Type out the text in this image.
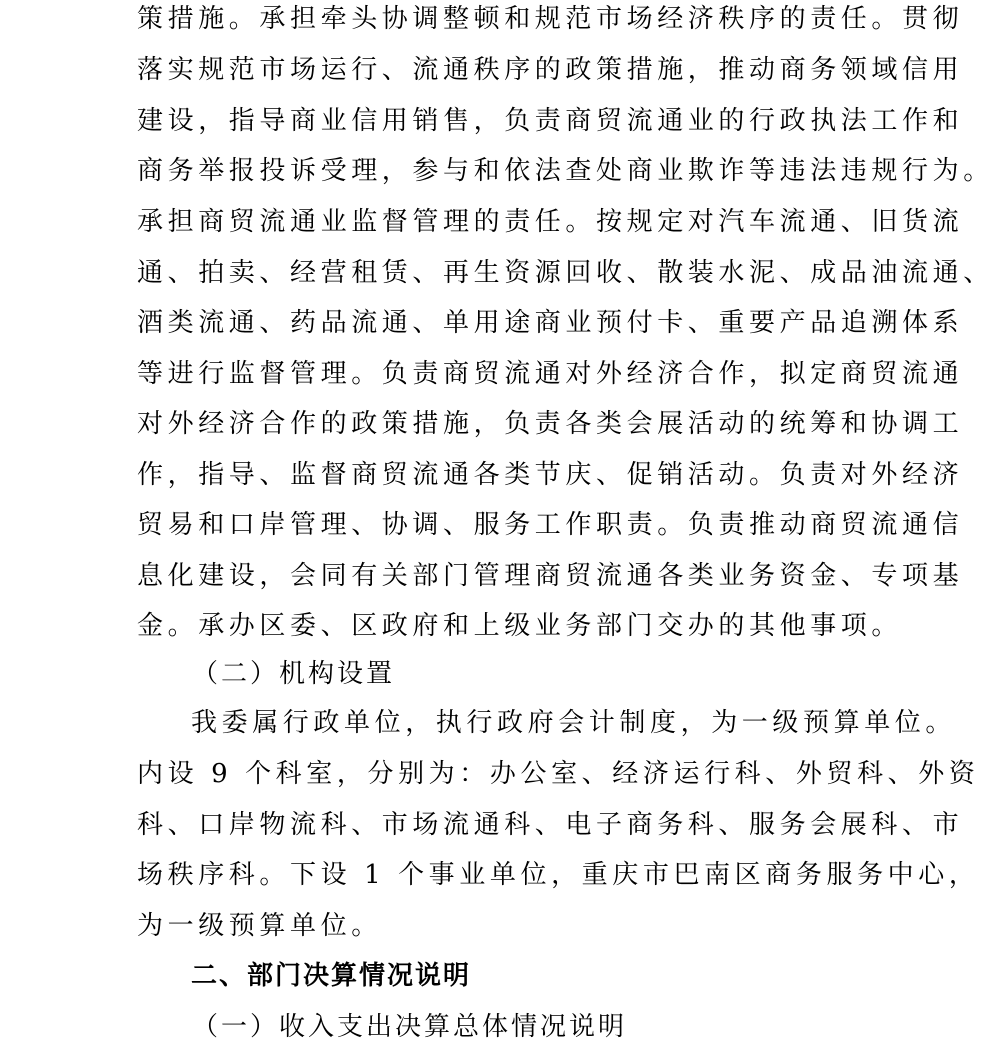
策措施。承担牵头协调整顿和规范市场经济秩序的责任。贯彻
落实规范市场运行、流通秩序的政策措施，推动商务领域信用
建设，指导商业信用销售，负责商贸流通业的行政执法工作和
商务举报投诉受理，参与和依法查处商业欺诈等违法违规行为。
承担商贸流通业监督管理的责任。按规定对汽车流通、旧货流
通、拍卖、经营租赁、再生资源回收、散装水泥、成品油流通、
酒类流通、药品流通、单用途商业预付卡、重要产品追溯体系
等进行监督管理。负责商贸流通对外经济合作，拟定商贸流通
对外经济合作的政策措施，负责各类会展活动的统筹和协调工
作，指导、监督商贸流通各类节庆、促销活动。负责对外经济
贸易和口岸管理、协调、服务工作职责。负责推动商贸流通信
息化建设，会同有关部门管理商贸流通各类业务资金、专项基
金。承办区委、区政府和上级业务部门交办的其他事项。
（二）机构设置
我委属行政单位，执行政府会计制度，为一级预算单位。
内设 9 个科室，分别为：办公室、经济运行科、外贸科、外资
科、口岸物流科、市场流通科、电子商务科、服务会展科、市
场秩序科。下设 1 个事业单位，重庆市巴南区商务服务中心，
为一级预算单位。
二、部门决算情况说明
（一）收入支出决算总体情况说明
